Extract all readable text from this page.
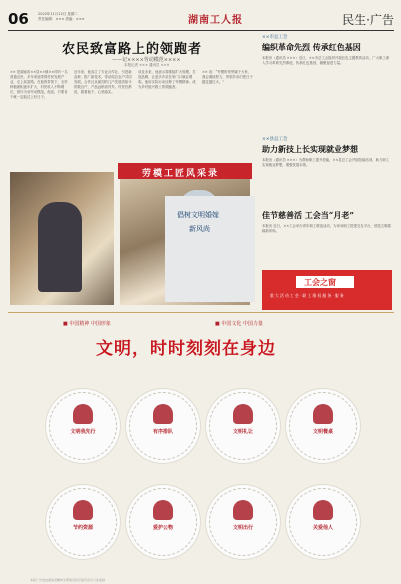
06	2024年11月12日 星期二
责任编辑：××× 美编：×××	湖南工人报	民生·广告
农民致富路上的领跑者
——记××××劳动模范××××
本报记者 ××× 通讯员 ×××
×× 是湖南省××县××镇××村的一名普通农民，多年来他带领村民发展产业，走上致富路。在他的带领下，全村种植面积逐年扩大，村民收入不断增长，被评为省劳动模范。他说，只要肯干就一定能过上好日子。
近年来，他成立了专业合作社，引进新品种、推广新技术，带动周边农户共同发展。合作社从最初的几户发展到如今的数百户，产品远销省内外。村民们都说，跟着他干，心里踏实。
谈及未来，他表示将继续扩大规模，打造品牌，让更多乡亲在家门口就业增收。他用实际行动诠释了劳模精神，成为乡村振兴路上的领跑者。
×× 说：“劳模的荣誉属于大家，我会继续努力，带领乡亲们把日子越过越红火。”
劳模工匠风采录
倡树文明婚嫁
新风尚
××市总工会
编织革命先烈 传承红色基因
本报讯（通讯员 ×××）近日，××市总工会组织开展红色主题教育活动，广大职工深入学习革命先烈事迹，传承红色基因，凝聚奋进力量。
××县总工会
助力新技上长实现就业梦想
本报讯（通讯员 ×××）为帮助职工提升技能，××县总工会开展技能培训，助力职工实现就业梦想，增强发展本领。
佳节慈善活 工会当“月老”
本报讯 近日，××工会举办青年职工联谊活动，为单身职工搭建交友平台，营造文明婚嫁新风尚。
工会之窗
重 大 活 动 工 会 · 职 工 维 权 服 务 · 服 务
■ 中国精神 中国形象	■ 中国文化 中国力量
文明，时时刻刻在身边
文明我先行	有序排队	文明礼让	文明餐桌
节约资源	爱护公物	文明出行	关爱他人
本版广告语由湖南省精神文明建设指导委员会办公室监制
